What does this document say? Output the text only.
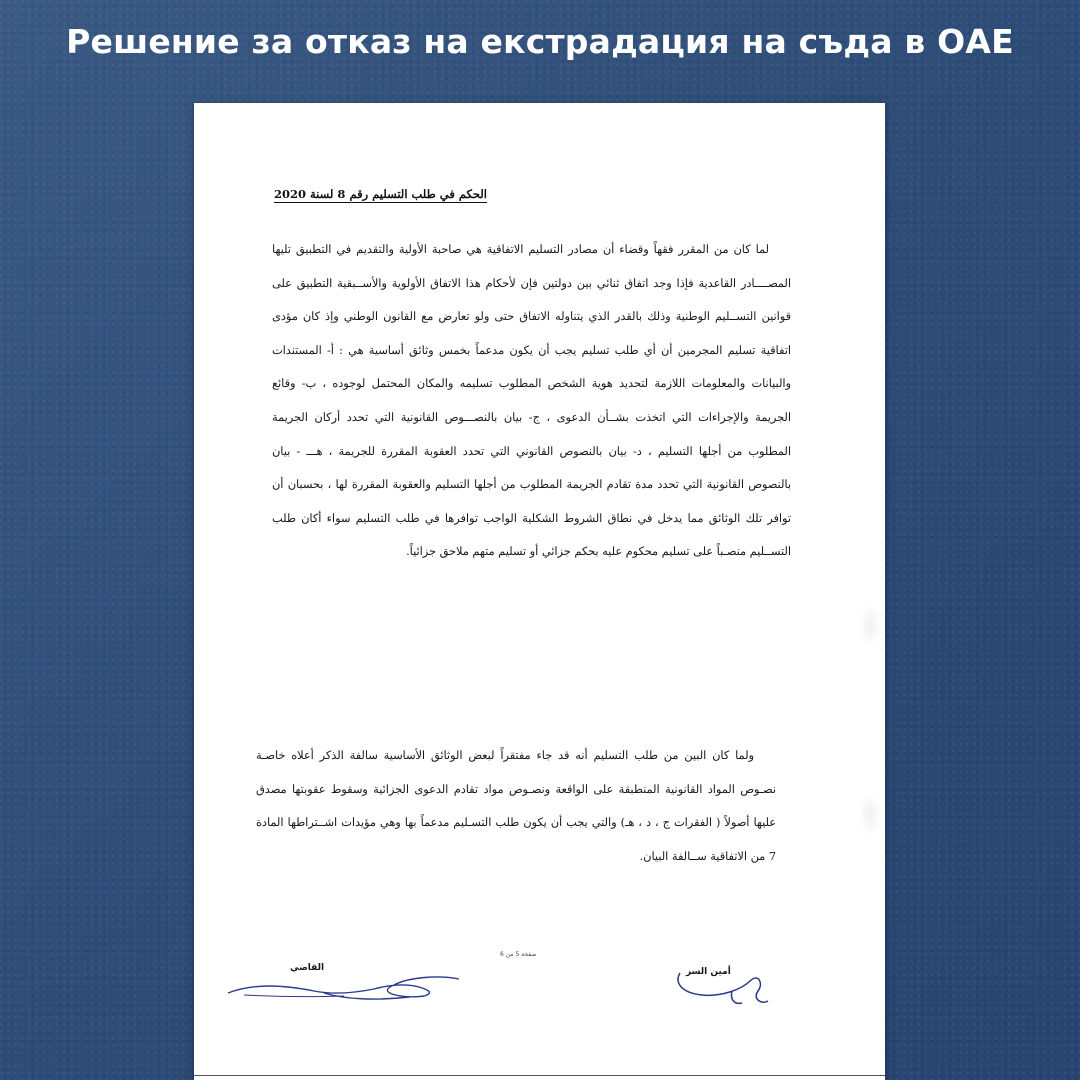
Решение за отказ на екстрадация на съда в ОАЕ
الحكم في طلب التسليم رقم 8 لسنة 2020

لما كان من المقرر فقهاً وقضاء أن مصادر التسليم الاتفاقية هي صاحبة الأولية والتقديم في التطبيق تليها المصــــادر القاعدية فإذا وجد اتفاق ثنائي بين دولتين فإن لأحكام هذا الاتفاق الأولوية والأســبقية التطبيق على قوانين التســليم الوطنية وذلك بالقدر الذي يتناوله الاتفاق حتى ولو تعارض مع القانون الوطني وإذ كان مؤدى اتفاقية تسليم المجرمين أن أي طلب تسليم يجب أن يكون مدعماً بخمس وثائق أساسية هي : أ- المستندات والبيانات والمعلومات اللازمة لتحديد هوية الشخص المطلوب تسليمه والمكان المحتمل لوجوده ، ب- وقائع الجريمة والإجراءات التي اتخذت بشــأن الدعوى ، ج- بيان بالنصـــوص القانونية التي تحدد أركان الجريمة المطلوب من أجلها التسليم ، د- بيان بالنصوص القانوني التي تحدد العقوبة المقررة للجريمة ، هـــ - بيان بالنصوص القانونية التي تحدد مدة تقادم الجريمة المطلوب من أجلها التسليم والعقوبة المقررة لها ، بحسبان أن توافر تلك الوثائق مما يدخل في نطاق الشروط الشكلية الواجب توافرها في طلب التسليم سواء أكان طلب التســليم منصـباً على تسليم محكوم عليه بحكم جزائي أو تسليم متهم ملاحق جزائياً.

ولما كان البين من طلب التسليم أنه قد جاء مفتقراً لبعض الوثائق الأساسية سالفة الذكر أعلاه خاصـة نصـوص المواد القانونية المنطبقة على الواقعة ونصـوص مواد تقادم الدعوى الجزائية وسقوط عقوبتها مصدق عليها أصولاً ( الفقرات ج ، د ، هـ) والتي يجب أن يكون طلب التسـليم مدعماً بها وهي مؤيدات اشــتراطها المادة 7 من الاتفاقية ســالفة البيان.

صفحة 5 من 6
القاضي	أمين السر
